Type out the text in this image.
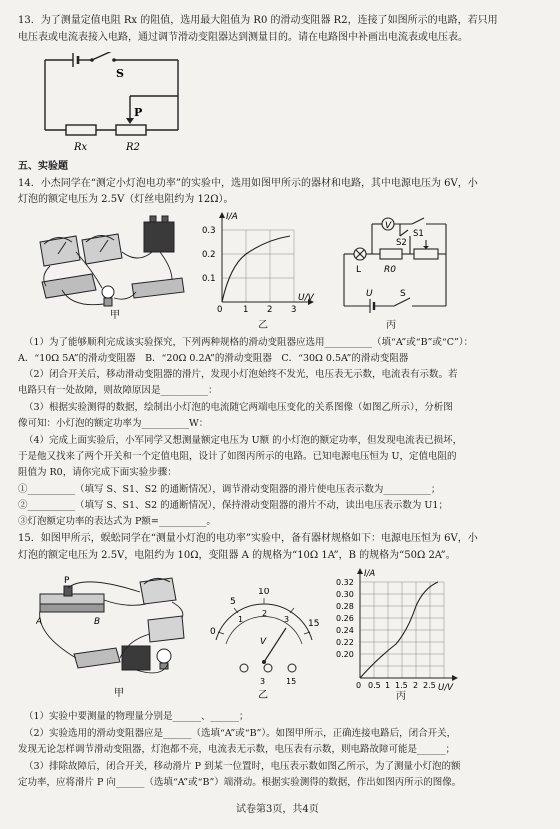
13．为了测量定值电阻 Rx 的阻值，选用最大阻值为 R0 的滑动变阻器 R2，连接了如图所示的电路，若只用
电压表或电流表接入电路，通过调节滑动变阻器达到测量目的。请在电路图中补画出电流表或电压表。
S
P
Rx	R2
五、实验题
14．小杰同学在“测定小灯泡电功率”的实验中，选用如图甲所示的器材和电路，其中电源电压为 6V，小
灯泡的额定电压为 2.5V（灯丝电阻约为 12Ω）。
甲
I/A
U/V
0.3
0.2
0.1
0 1 2 3
乙
V
S1
S2
L	R0
U	S
丙
（1）为了能够顺利完成该实验探究，下列两种规格的滑动变阻器应选用__________（填“A”或“B”或“C”）：
A．“10Ω 5A”的滑动变阻器　B．“20Ω 0.2A”的滑动变阻器　C．“30Ω 0.5A”的滑动变阻器
（2）闭合开关后，移动滑动变阻器的滑片，发现小灯泡始终不发光，电压表无示数，电流表有示数。若
电路只有一处故障，则故障原因是__________：
（3）根据实验测得的数据，绘制出小灯泡的电流随它两端电压变化的关系图像（如图乙所示），分析图
像可知：小灯泡的额定功率为__________W：
（4）完成上面实验后，小军同学又想测量额定电压为 U额 的小灯泡的额定功率，但发现电流表已损坏，
于是他又找来了两个开关和一个定值电阻，设计了如图丙所示的电路。已知电源电压恒为 U，定值电阻的
阻值为 R0，请你完成下面实验步骤：
①__________（填写 S、S1、S2 的通断情况），调节滑动变阻器的滑片使电压表示数为__________；
②__________（填写 S、S1、S2 的通断情况），保持滑动变阻器的滑片不动，读出电压表示数为 U1；
③灯泡额定功率的表达式为 P额=__________。
15．如图甲所示，蜈蚣同学在“测量小灯泡的电功率”实验中，备有器材规格如下：电源电压恒为 6V，小
灯泡的额定电压为 2.5V，电阻约为 10Ω，变阻器 A 的规格为“10Ω 1A”，B 的规格为“50Ω 2A”。
P
A	B
甲
0
5
10
15
1
2
3
V
3	15
乙
I/A
U/V
0.32
0.30
0.28
0.26
0.24
0.22
0.20
0 0.5 1 1.5 2 2.5
丙
（1）实验中要测量的物理量分别是______、______；
（2）实验选用的滑动变阻器应是______（选填“A”或“B”）。如图甲所示，正确连接电路后，闭合开关，
发现无论怎样调节滑动变阻器，灯泡都不亮，电流表无示数，电压表有示数，则电路故障可能是______；
（3）排除故障后，闭合开关，移动滑片 P 到某一位置时，电压表示数如图乙所示，为了测量小灯泡的额
定功率，应将滑片 P 向______（选填“A”或“B”）端滑动。根据实验测得的数据，作出如图丙所示的图像。
试卷第3页，共4页
